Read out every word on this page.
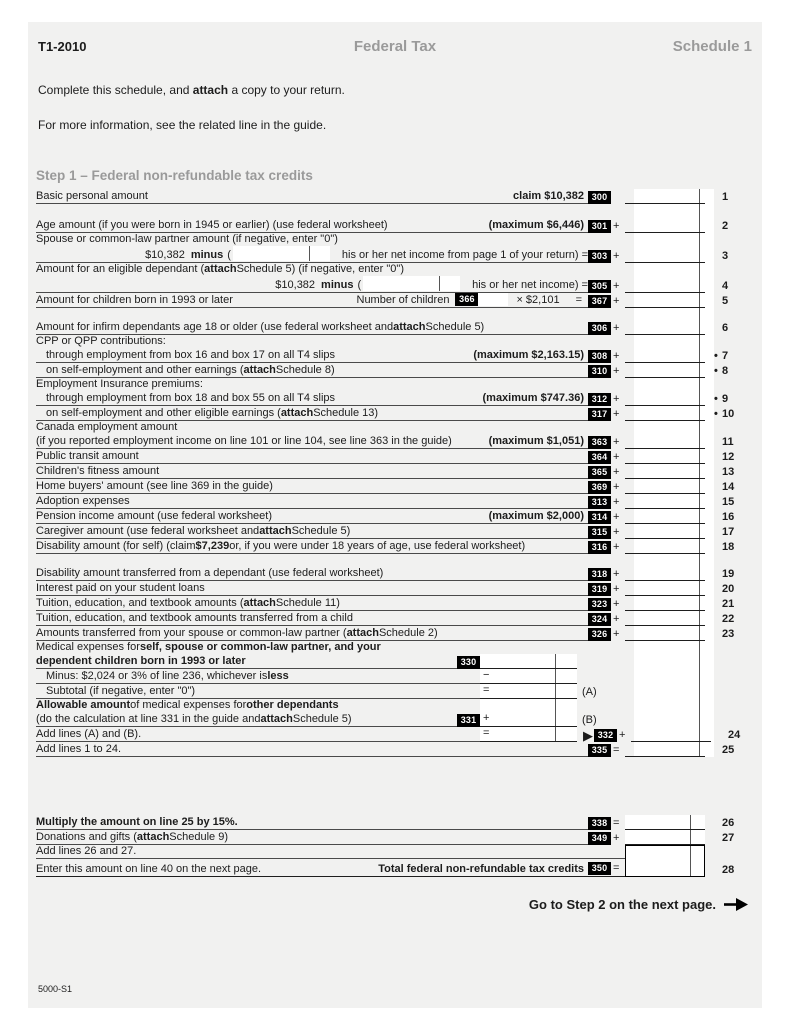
T1-2010	Federal Tax	Schedule 1

Complete this schedule, and attach a copy to your return.

For more information, see the related line in the guide.

Step 1 – Federal non-refundable tax credits
Basic personal amount	claim $10,382 300	1
Age amount (if you were born in 1945 or earlier) (use federal worksheet)	(maximum $6,446) 301 +	2
Spouse or common-law partner amount (if negative, enter "0")
$10,382 minus (	his or her net income from page 1 of your return) = 303 +	3
Amount for an eligible dependant ( attach Schedule 5) (if negative, enter "0")
$10,382 minus (	his or her net income) = 305 +	4
Amount for children born in 1993 or later	Number of children	366	× $2,101 =	367 +	5
Amount for infirm dependants age 18 or older (use federal worksheet and attach Schedule 5)	306 +	6
CPP or QPP contributions:
through employment from box 16 and box 17 on all T4 slips	(maximum $2,163.15) 308 +	• 7
on self-employment and other earnings ( attach Schedule 8)	310 +	• 8
Employment Insurance premiums:
through employment from box 18 and box 55 on all T4 slips	(maximum $747.36) 312 +	• 9
on self-employment and other eligible earnings ( attach Schedule 13)	317 +	• 10
Canada employment amount
(if you reported employment income on line 101 or line 104, see line 363 in the guide)	(maximum $1,051) 363 +	11
Public transit amount	364 +	12
Children's fitness amount	365 +	13
Home buyers' amount (see line 369 in the guide)	369 +	14
Adoption expenses	313 +	15
Pension income amount (use federal worksheet)	(maximum $2,000) 314 +	16
Caregiver amount (use federal worksheet and attach Schedule 5)	315 +	17
Disability amount (for self) (claim $7,239 or, if you were under 18 years of age, use federal worksheet)	316 +	18
Disability amount transferred from a dependant (use federal worksheet)	318 +	19
Interest paid on your student loans	319 +	20
Tuition, education, and textbook amounts ( attach Schedule 11)	323 +	21
Tuition, education, and textbook amounts transferred from a child	324 +	22
Amounts transferred from your spouse or common-law partner ( attach Schedule 2)	326 +	23
Medical expenses for self, spouse or common-law partner, and your
dependent children born in 1993 or later	330
Minus: $2,024 or 3% of line 236, whichever is less	−
Subtotal (if negative, enter "0")	=	(A)
Allowable amount of medical expenses for other dependants
(do the calculation at line 331 in the guide and attach Schedule 5)	331 +	(B)
Add lines (A) and (B).	=	▶ 332 +	24
Add lines 1 to 24.	335 =	25
Multiply the amount on line 25 by 15%.	338 =	26
Donations and gifts ( attach Schedule 9)	349 +	27
Add lines 26 and 27.
Enter this amount on line 40 on the next page.	Total federal non-refundable tax credits 350 =	28
Go to Step 2 on the next page.
5000-S1
